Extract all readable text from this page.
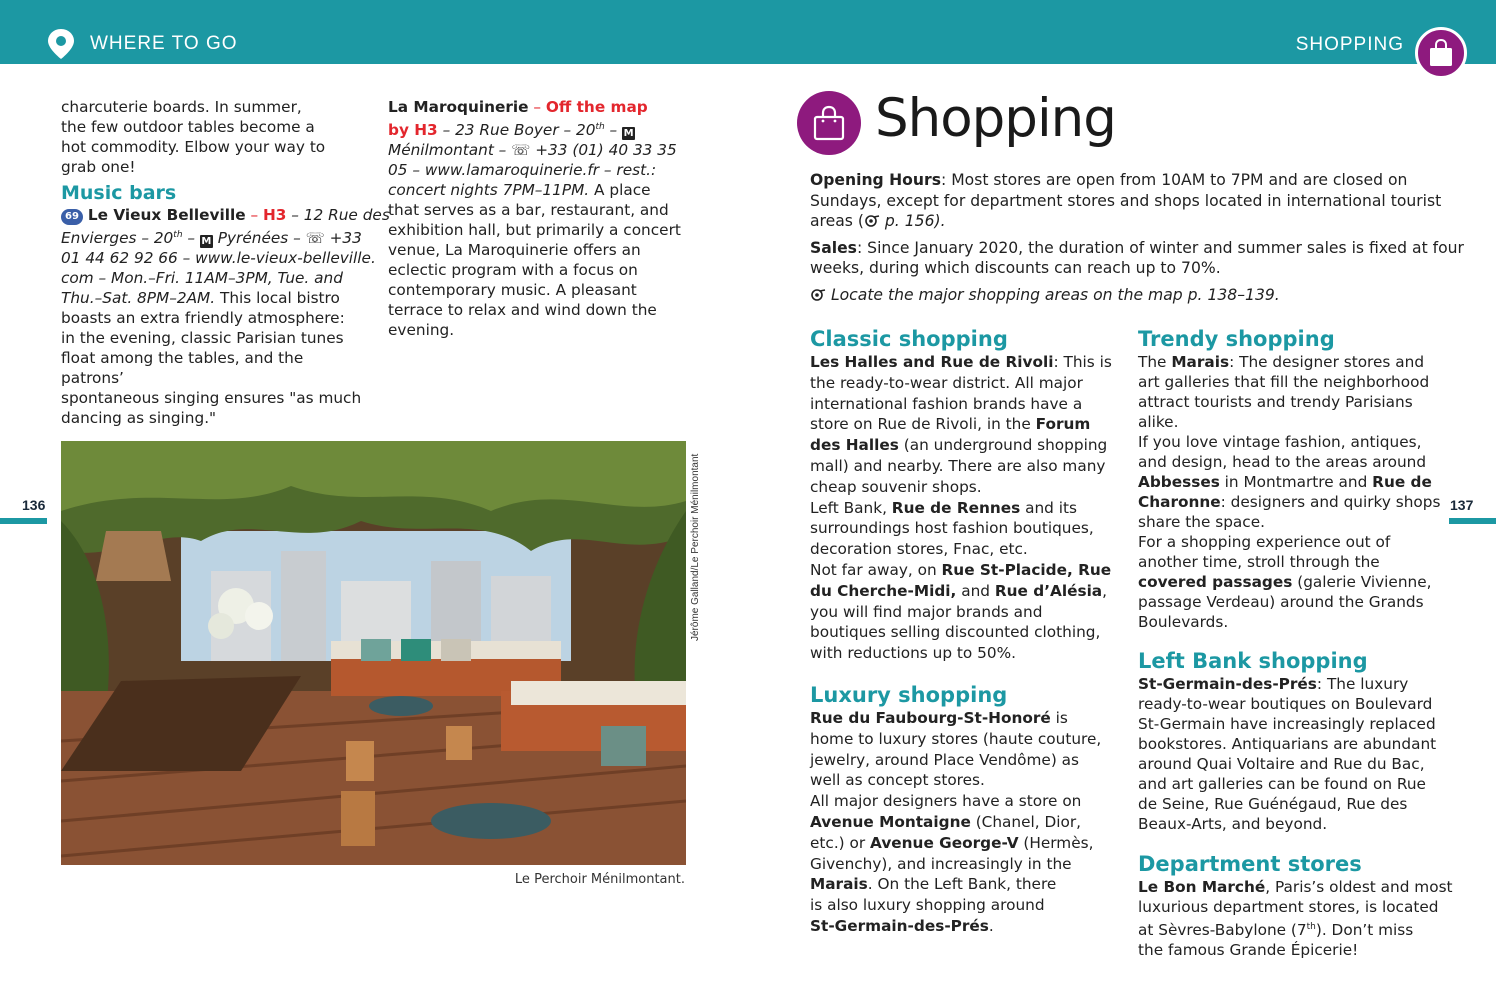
WHERE TO GO	SHOPPING
136	137
charcuterie boards. In summer,
the few outdoor tables become a
hot commodity. Elbow your way to
grab one!
Music bars
69 Le Vieux Belleville – H3 – 12 Rue des
Envierges – 20th – M Pyrénées – ☏ +33
01 44 62 92 66 – www.le-vieux-belleville.
com – Mon.–Fri. 11AM–3PM, Tue. and
Thu.–Sat. 8PM–2AM. This local bistro
boasts an extra friendly atmosphere:
in the evening, classic Parisian tunes
float among the tables, and the patrons’
spontaneous singing ensures "as much
dancing as singing."
La Maroquinerie – Off the map
by H3 – 23 Rue Boyer – 20th – M
Ménilmontant – ☏ +33 (01) 40 33 35
05 – www.lamaroquinerie.fr – rest.:
concert nights 7PM–11PM. A place
that serves as a bar, restaurant, and
exhibition hall, but primarily a concert
venue, La Maroquinerie offers an
eclectic program with a focus on
contemporary music. A pleasant
terrace to relax and wind down the
evening.
Jérôme Galland/Le Perchoir Ménilmontant
Le Perchoir Ménilmontant.
Shopping
Opening Hours: Most stores are open from 10AM to 7PM and are closed on
Sundays, except for department stores and shops located in international tourist
areas ( p. 156).
Sales: Since January 2020, the duration of winter and summer sales is fixed at four
weeks, during which discounts can reach up to 70%.
Locate the major shopping areas on the map p. 138–139.
Classic shopping
Les Halles and Rue de Rivoli: This is
the ready-to-wear district. All major
international fashion brands have a
store on Rue de Rivoli, in the Forum
des Halles (an underground shopping
mall) and nearby. There are also many
cheap souvenir shops.
Left Bank, Rue de Rennes and its
surroundings host fashion boutiques,
decoration stores, Fnac, etc.
Not far away, on Rue St-Placide, Rue
du Cherche-Midi, and Rue d’Alésia,
you will find major brands and
boutiques selling discounted clothing,
with reductions up to 50%.
Luxury shopping
Rue du Faubourg-St-Honoré is
home to luxury stores (haute couture,
jewelry, around Place Vendôme) as
well as concept stores.
All major designers have a store on
Avenue Montaigne (Chanel, Dior,
etc.) or Avenue George-V (Hermès,
Givenchy), and increasingly in the
Marais. On the Left Bank, there
is also luxury shopping around
St-Germain-des-Prés.
Trendy shopping
The Marais: The designer stores and
art galleries that fill the neighborhood
attract tourists and trendy Parisians
alike.
If you love vintage fashion, antiques,
and design, head to the areas around
Abbesses in Montmartre and Rue de
Charonne: designers and quirky shops
share the space.
For a shopping experience out of
another time, stroll through the
covered passages (galerie Vivienne,
passage Verdeau) around the Grands
Boulevards.
Left Bank shopping
St-Germain-des-Prés: The luxury
ready-to-wear boutiques on Boulevard
St-Germain have increasingly replaced
bookstores. Antiquarians are abundant
around Quai Voltaire and Rue du Bac,
and art galleries can be found on Rue
de Seine, Rue Guénégaud, Rue des
Beaux-Arts, and beyond.
Department stores
Le Bon Marché, Paris’s oldest and most
luxurious department stores, is located
at Sèvres-Babylone (7th). Don’t miss
the famous Grande Épicerie!
